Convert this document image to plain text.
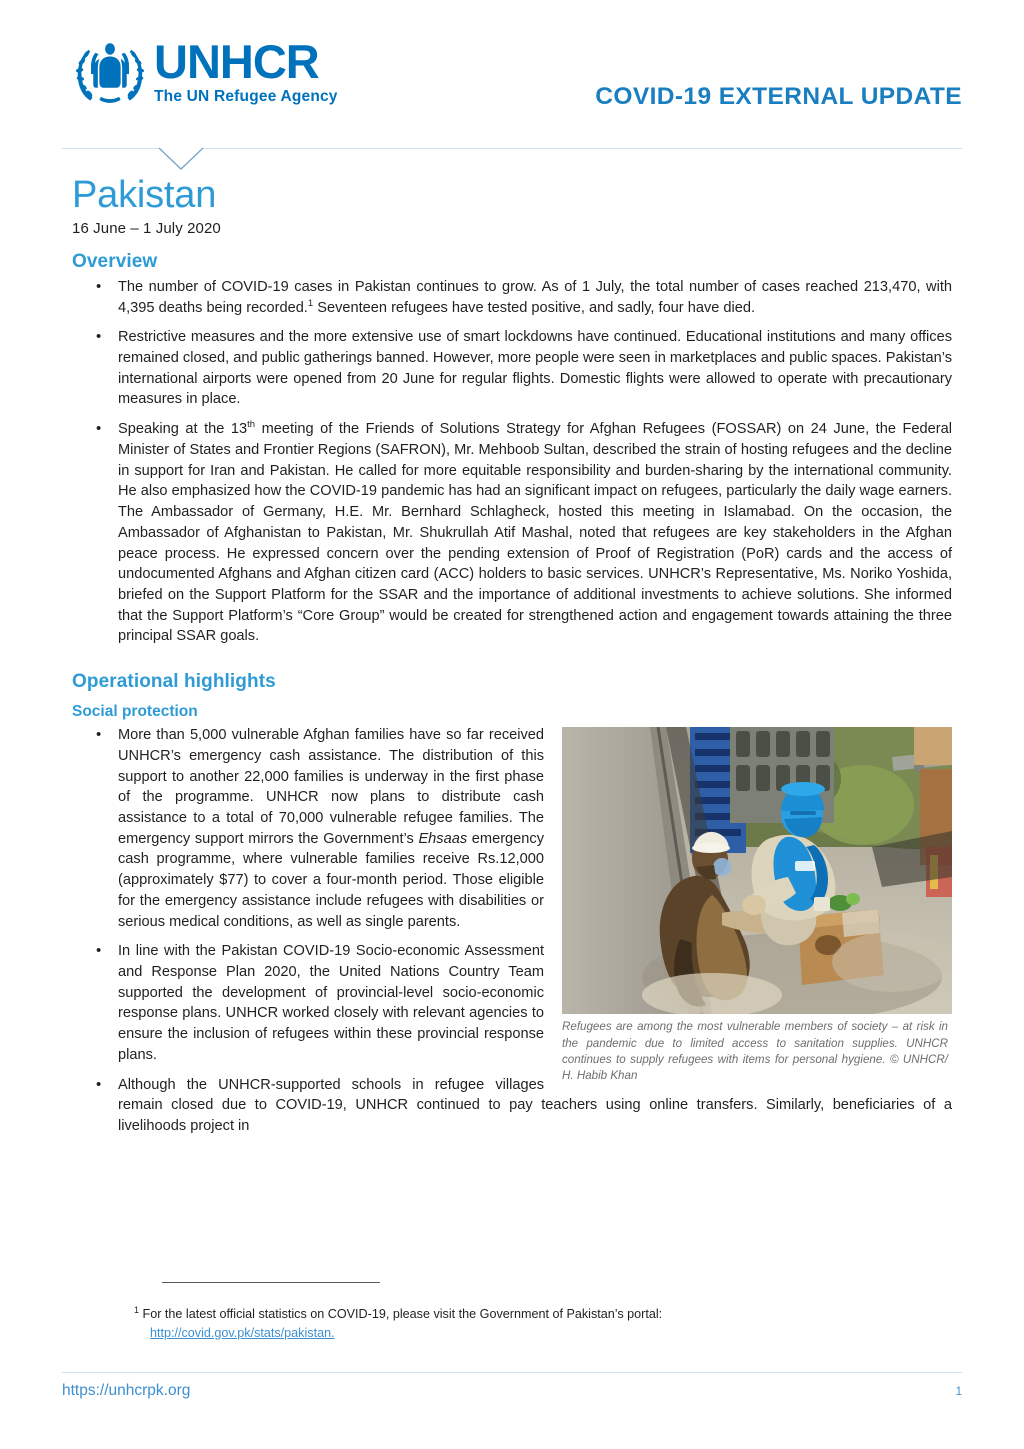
UNHCR
The UN Refugee Agency	COVID-19 EXTERNAL UPDATE
Pakistan
16 June – 1 July 2020
Overview
• The number of COVID-19 cases in Pakistan continues to grow. As of 1 July, the total number of cases reached 213,470, with 4,395 deaths being recorded.$^1$ Seventeen refugees have tested positive, and sadly, four have died.
• Restrictive measures and the more extensive use of smart lockdowns have continued. Educational institutions and many offices remained closed, and public gatherings banned. However, more people were seen in marketplaces and public spaces. Pakistan’s international airports were opened from 20 June for regular flights. Domestic flights were allowed to operate with precautionary measures in place.
• Speaking at the 13th meeting of the Friends of Solutions Strategy for Afghan Refugees (FOSSAR) on 24 June, the Federal Minister of States and Frontier Regions (SAFRON), Mr. Mehboob Sultan, described the strain of hosting refugees and the decline in support for Iran and Pakistan. He called for more equitable responsibility and burden-sharing by the international community. He also emphasized how the COVID-19 pandemic has had an significant impact on refugees, particularly the daily wage earners. The Ambassador of Germany, H.E. Mr. Bernhard Schlagheck, hosted this meeting in Islamabad. On the occasion, the Ambassador of Afghanistan to Pakistan, Mr. Shukrullah Atif Mashal, noted that refugees are key stakeholders in the Afghan peace process. He expressed concern over the pending extension of Proof of Registration (PoR) cards and the access of undocumented Afghans and Afghan citizen card (ACC) holders to basic services. UNHCR’s Representative, Ms. Noriko Yoshida, briefed on the Support Platform for the SSAR and the importance of additional investments to achieve solutions. She informed that the Support Platform’s “Core Group” would be created for strengthened action and engagement towards attaining the three principal SSAR goals.
Operational highlights
Social protection
Refugees are among the most vulnerable members of society – at risk in the pandemic due to limited access to sanitation supplies. UNHCR continues to supply refugees with items for personal hygiene. © UNHCR/ H. Habib Khan
• More than 5,000 vulnerable Afghan families have so far received UNHCR’s emergency cash assistance. The distribution of this support to another 22,000 families is underway in the first phase of the programme. UNHCR now plans to distribute cash assistance to a total of 70,000 vulnerable refugee families. The emergency support mirrors the Government’s Ehsaas emergency cash programme, where vulnerable families receive Rs.12,000 (approximately $77) to cover a four-month period. Those eligible for the emergency assistance include refugees with disabilities or serious medical conditions, as well as single parents.
• In line with the Pakistan COVID-19 Socio-economic Assessment and Response Plan 2020, the United Nations Country Team supported the development of provincial-level socio-economic response plans. UNHCR worked closely with relevant agencies to ensure the inclusion of refugees within these provincial response plans.
• Although the UNHCR-supported schools in refugee villages remain closed due to COVID-19, UNHCR continued to pay teachers using online transfers. Similarly, beneficiaries of a livelihoods project in
$^1$ For the latest official statistics on COVID-19, please visit the Government of Pakistan’s portal:
http://covid.gov.pk/stats/pakistan.
https://unhcrpk.org	1
